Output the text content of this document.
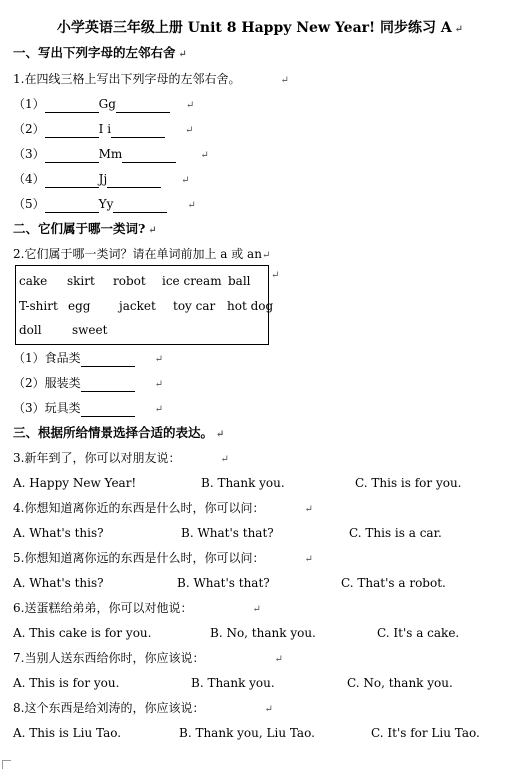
小学英语三年级上册 Unit 8 Happy New Year! 同步练习 A ↵
一、写出下列字母的左邻右舍 ↵
1.在四线三格上写出下列字母的左邻右舍。	↵
（1）	Gg	↵
（2）	I i	↵
（3）	Mm	↵
（4）	Jj	↵
（5）	Yy	↵
二、它们属于哪一类词? ↵
2.它们属于哪一类词？请在单词前加上 a 或 an↵
cake skirt robot ice cream ball
T-shirt egg jacket toy car hot dog
doll	sweet
↵
（1）食品类	↵
（2）服装类	↵
（3）玩具类	↵
三、根据所给情景选择合适的表达。 ↵
3.新年到了，你可以对朋友说：	↵
A. Happy New Year!	B. Thank you.	C. This is for you.
4.你想知道离你近的东西是什么时，你可以问：	↵
A. What's this?	B. What's that?	C. This is a car.
5.你想知道离你远的东西是什么时，你可以问：	↵
A. What's this?	B. What's that?	C. That's a robot.
6.送蛋糕给弟弟，你可以对他说：	↵
A. This cake is for you.	B. No, thank you.	C. It's a cake.
7.当别人送东西给你时，你应该说：	↵
A. This is for you.	B. Thank you.	C. No, thank you.
8.这个东西是给刘涛的，你应该说：	↵
A. This is Liu Tao.	B. Thank you, Liu Tao.	C. It's for Liu Tao.
